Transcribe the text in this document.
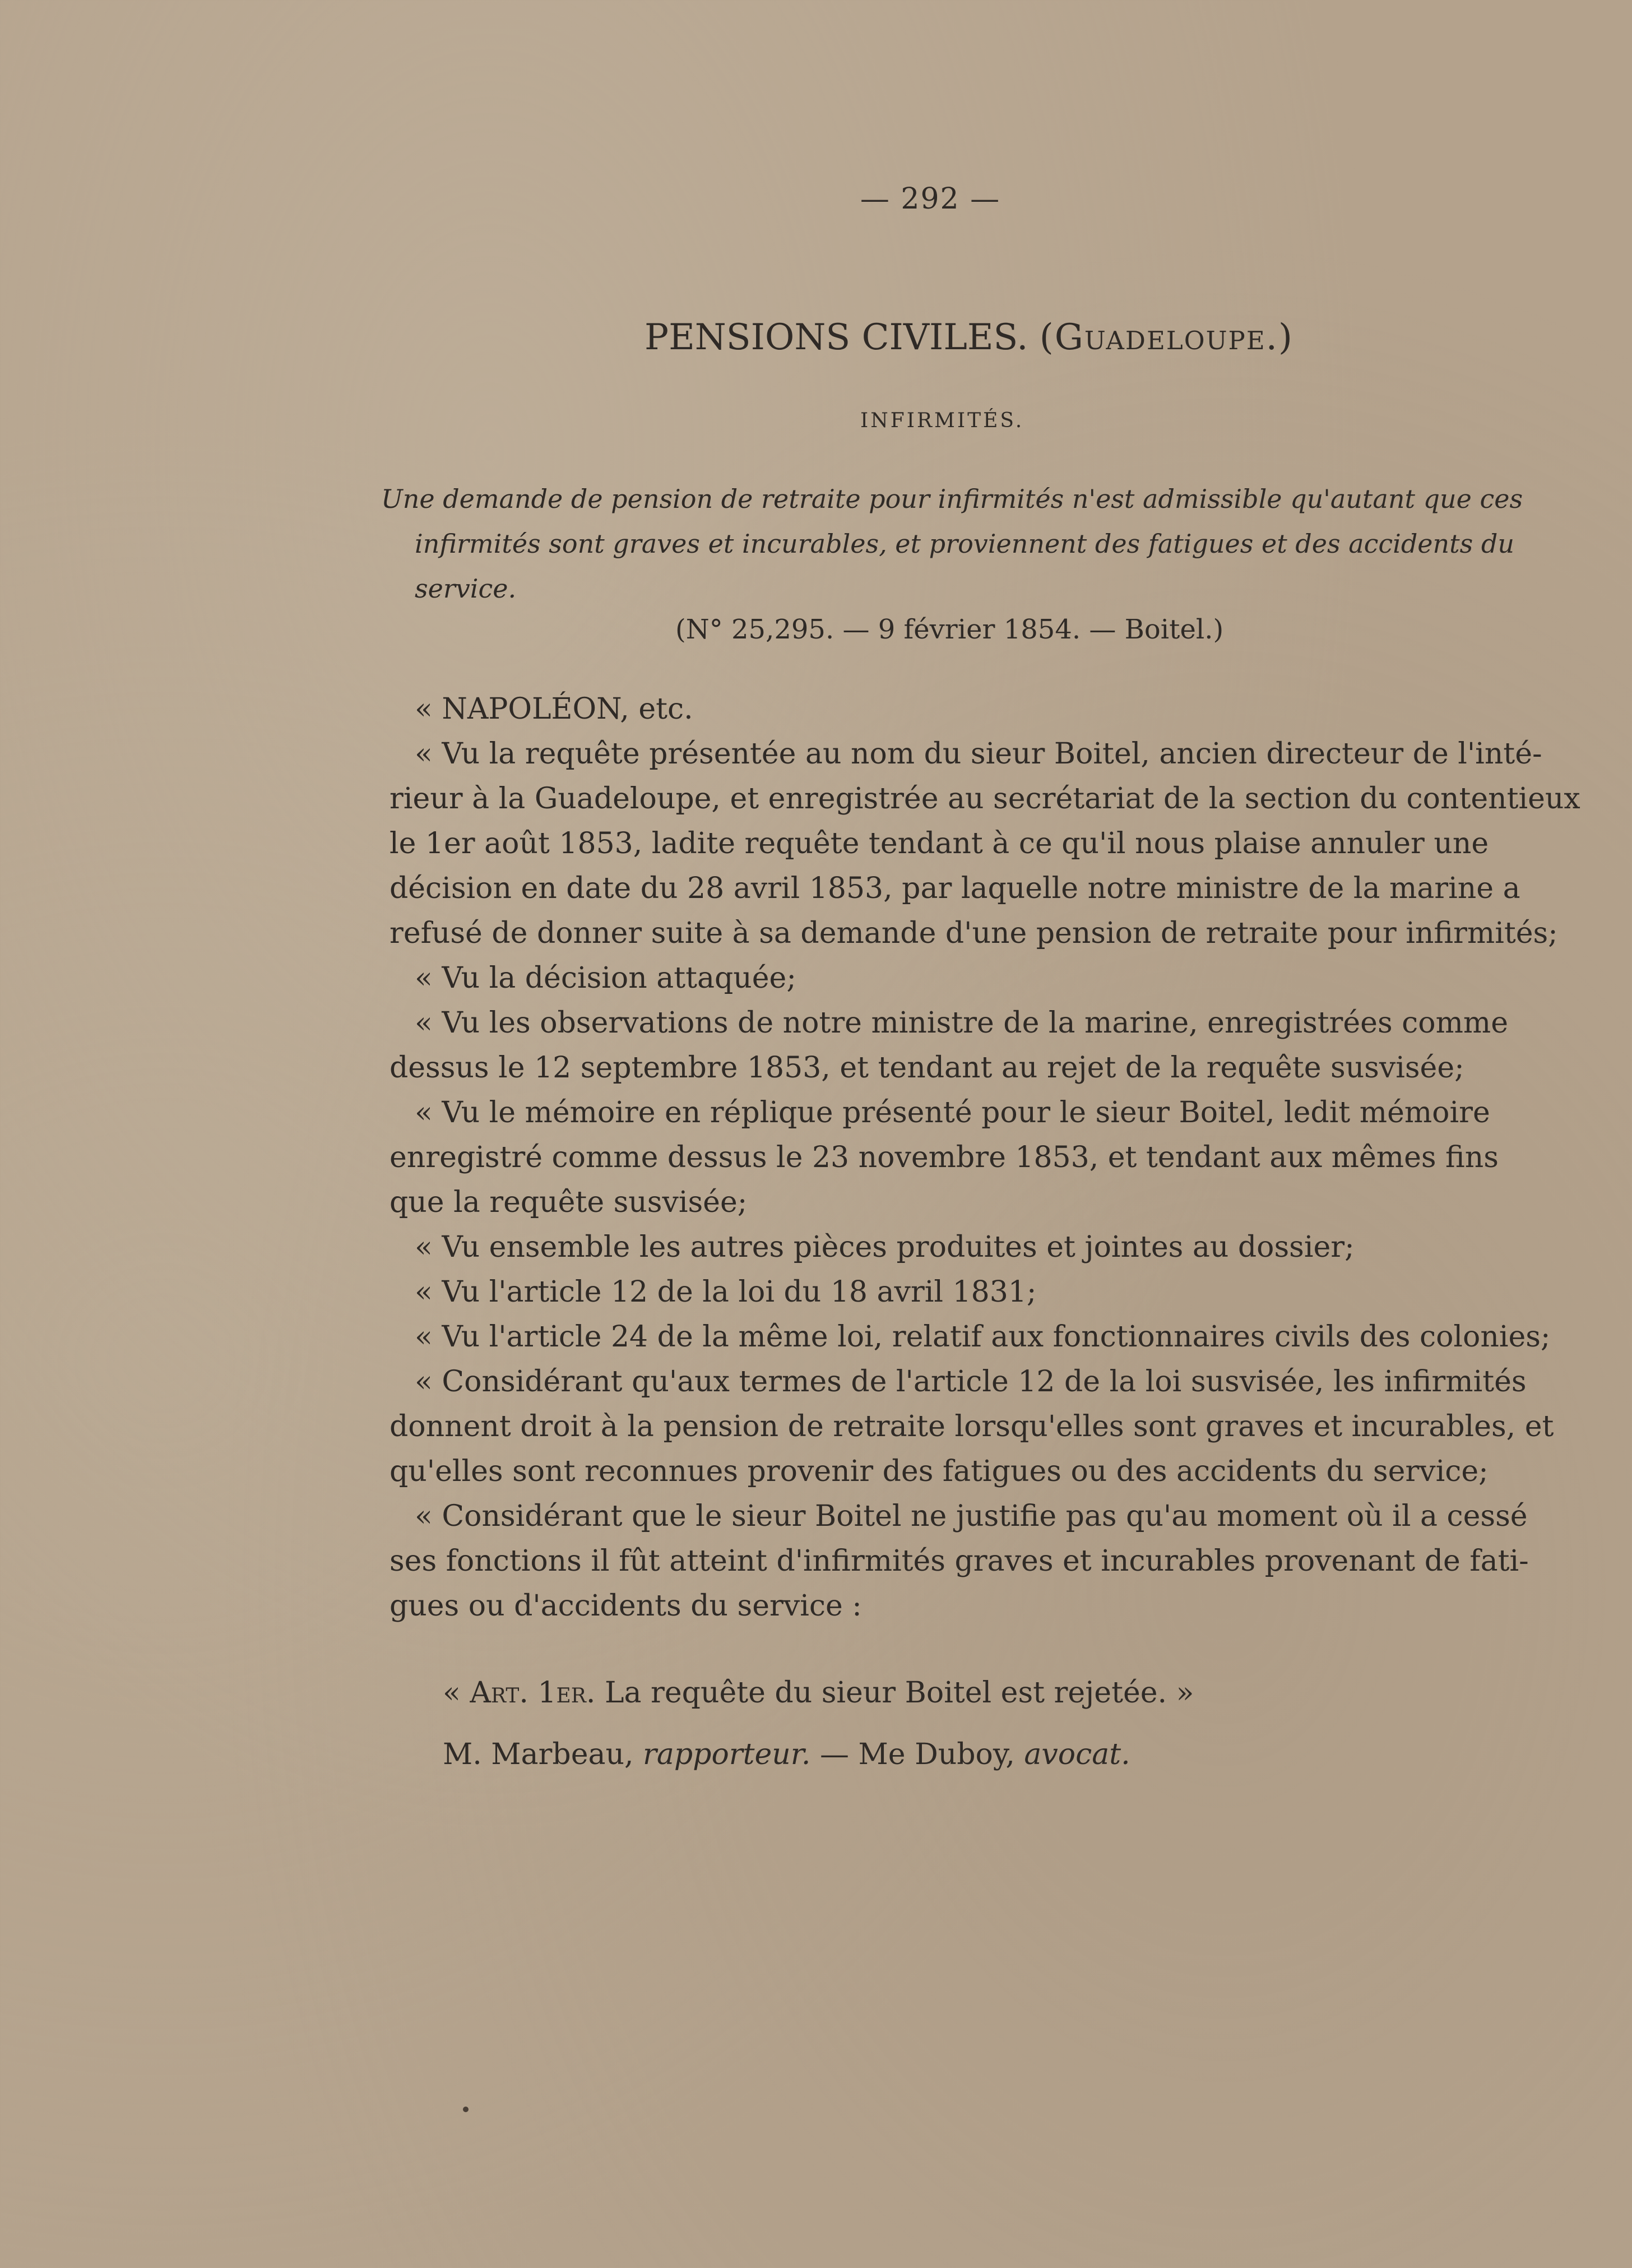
— 292 —
PENSIONS CIVILES. (Guadeloupe.)
INFIRMITÉS.
Une demande de pension de retraite pour infirmités n'est admissible qu'autant que ces
infirmités sont graves et incurables, et proviennent des fatigues et des accidents du
service.
(N° 25,295. — 9 février 1854. — Boitel.)
« NAPOLÉON, etc.
« Vu la requête présentée au nom du sieur Boitel, ancien directeur de l'inté-
rieur à la Guadeloupe, et enregistrée au secrétariat de la section du contentieux
le 1er août 1853, ladite requête tendant à ce qu'il nous plaise annuler une
décision en date du 28 avril 1853, par laquelle notre ministre de la marine a
refusé de donner suite à sa demande d'une pension de retraite pour infirmités;
« Vu la décision attaquée;
« Vu les observations de notre ministre de la marine, enregistrées comme
dessus le 12 septembre 1853, et tendant au rejet de la requête susvisée;
« Vu le mémoire en réplique présenté pour le sieur Boitel, ledit mémoire
enregistré comme dessus le 23 novembre 1853, et tendant aux mêmes fins
que la requête susvisée;
« Vu ensemble les autres pièces produites et jointes au dossier;
« Vu l'article 12 de la loi du 18 avril 1831;
« Vu l'article 24 de la même loi, relatif aux fonctionnaires civils des colonies;
« Considérant qu'aux termes de l'article 12 de la loi susvisée, les infirmités
donnent droit à la pension de retraite lorsqu'elles sont graves et incurables, et
qu'elles sont reconnues provenir des fatigues ou des accidents du service;
« Considérant que le sieur Boitel ne justifie pas qu'au moment où il a cessé
ses fonctions il fût atteint d'infirmités graves et incurables provenant de fati-
gues ou d'accidents du service :
« Art. 1er. La requête du sieur Boitel est rejetée. »
M. Marbeau, rapporteur. — Me Duboy, avocat.
